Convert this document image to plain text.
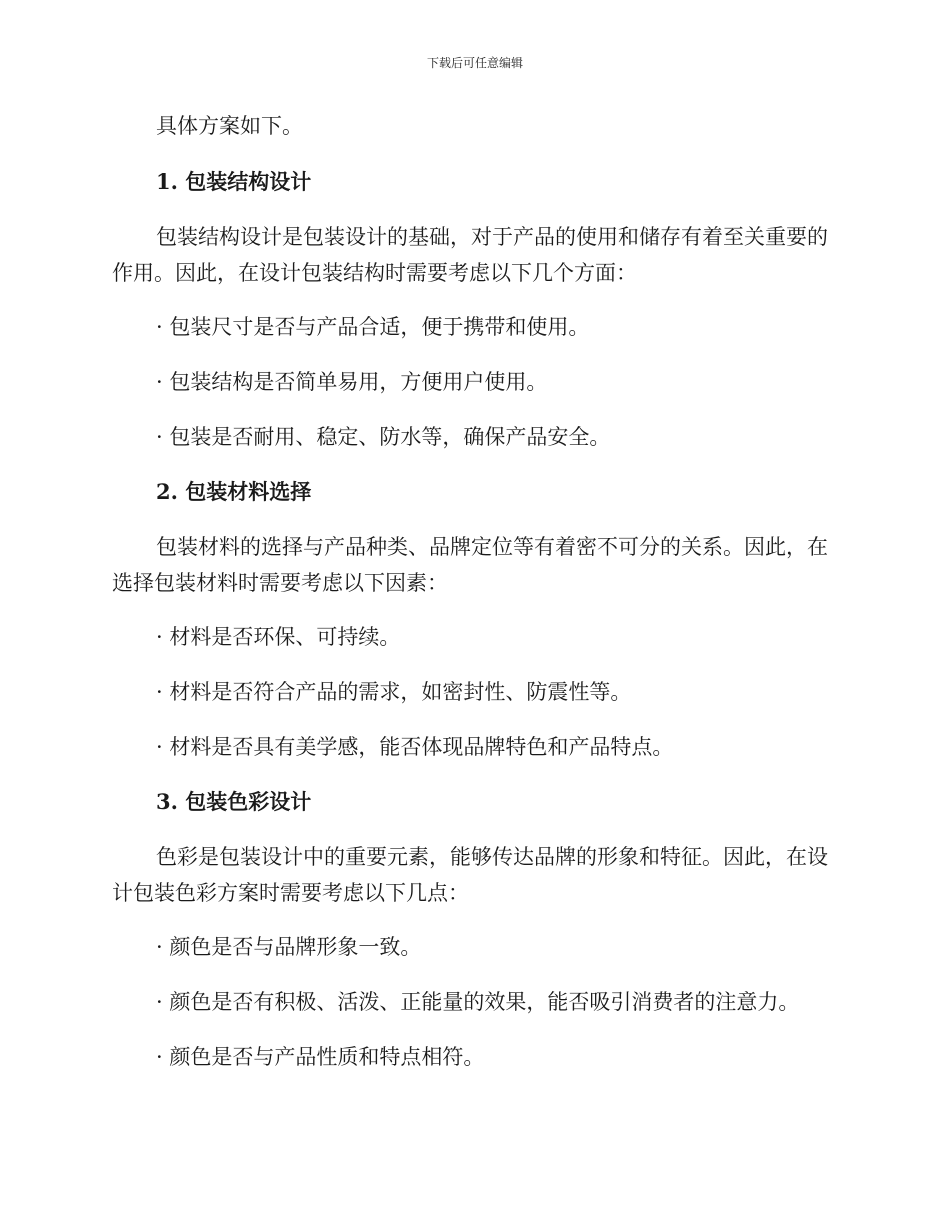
下载后可任意编辑

具体方案如下。

1. 包装结构设计

包装结构设计是包装设计的基础，对于产品的使用和储存有着至关重要的作用。因此，在设计包装结构时需要考虑以下几个方面：

· 包装尺寸是否与产品合适，便于携带和使用。

· 包装结构是否简单易用，方便用户使用。

· 包装是否耐用、稳定、防水等，确保产品安全。

2. 包装材料选择

包装材料的选择与产品种类、品牌定位等有着密不可分的关系。因此，在选择包装材料时需要考虑以下因素：

· 材料是否环保、可持续。

· 材料是否符合产品的需求，如密封性、防震性等。

· 材料是否具有美学感，能否体现品牌特色和产品特点。

3. 包装色彩设计

色彩是包装设计中的重要元素，能够传达品牌的形象和特征。因此，在设计包装色彩方案时需要考虑以下几点：

· 颜色是否与品牌形象一致。

· 颜色是否有积极、活泼、正能量的效果，能否吸引消费者的注意力。

· 颜色是否与产品性质和特点相符。
